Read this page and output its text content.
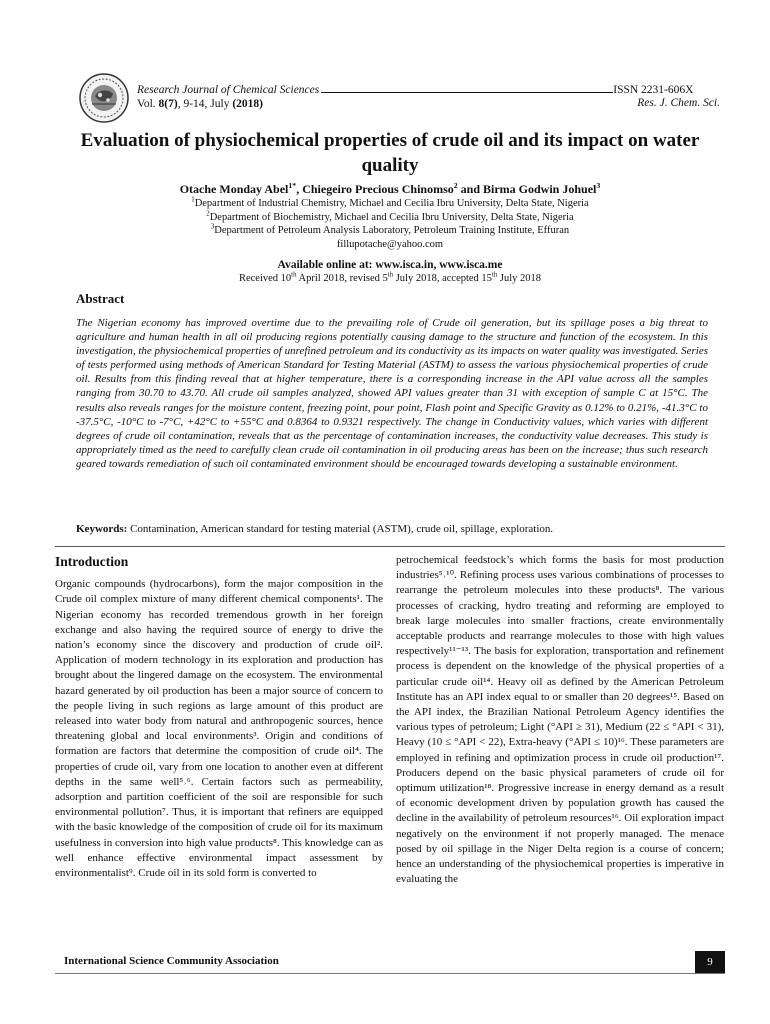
Research Journal of Chemical Sciences	ISSN 2231-606X
Vol. 8(7), 9-14, July (2018)	Res. J. Chem. Sci.
Evaluation of physiochemical properties of crude oil and its impact on water quality
Otache Monday Abel$^{1*}$, Chiegeiro Precious Chinomso$^2$ and Birma Godwin Johuel$^3$
$^1$Department of Industrial Chemistry, Michael and Cecilia Ibru University, Delta State, Nigeria
$^2$Department of Biochemistry, Michael and Cecilia Ibru University, Delta State, Nigeria
$^3$Department of Petroleum Analysis Laboratory, Petroleum Training Institute, Effuran
fillupotache@yahoo.com
Available online at: www.isca.in, www.isca.me
Received 10th April 2018, revised 5th July 2018, accepted 15th July 2018
Abstract
The Nigerian economy has improved overtime due to the prevailing role of Crude oil generation, but its spillage poses a big threat to agriculture and human health in all oil producing regions potentially causing damage to the structure and function of the ecosystem. In this investigation, the physiochemical properties of unrefined petroleum and its conductivity as its impacts on water quality was investigated. Series of tests performed using methods of American Standard for Testing Material (ASTM) to assess the various physiochemical properties of crude oil. Results from this finding reveal that at higher temperature, there is a corresponding increase in the API value across all the samples ranging from 30.70 to 43.70. All crude oil samples analyzed, showed API values greater than 31 with exception of sample C at 15°C. The results also reveals ranges for the moisture content, freezing point, pour point, Flash point and Specific Gravity as 0.12% to 0.21%, -41.3°C to -37.5°C, -10°C to -7°C, +42°C to +55°C and 0.8364 to 0.9321 respectively. The change in Conductivity values, which varies with different degrees of crude oil contamination, reveals that as the percentage of contamination increases, the conductivity value decreases. This study is appropriately timed as the need to carefully clean crude oil contamination in oil producing areas has been on the increase; thus such research geared towards remediation of such oil contaminated environment should be encouraged towards developing a sustainable environment.
Keywords: Contamination, American standard for testing material (ASTM), crude oil, spillage, exploration.
Introduction

Organic compounds (hydrocarbons), form the major composition in the Crude oil complex mixture of many different chemical components¹. The Nigerian economy has recorded tremendous growth in her foreign exchange and also having the required source of energy to drive the nation’s economy since the discovery and production of crude oil². Application of modern technology in its exploration and production has brought about the lingered damage on the ecosystem. The environmental hazard generated by oil production has been a major source of concern to the people living in such regions as large amount of this product are released into water body from natural and anthropogenic sources, hence threatening global and local environments³. Origin and conditions of formation are factors that determine the composition of crude oil⁴. The properties of crude oil, vary from one location to another even at different depths in the same well⁵˒⁶. Certain factors such as permeability, adsorption and partition coefficient of the soil are responsible for such environmental pollution⁷. Thus, it is important that refiners are equipped with the basic knowledge of the composition of crude oil for its maximum usefulness in conversion into high value products⁸. This knowledge can as well enhance effective environmental impact assessment by environmentalist⁹. Crude oil in its sold form is converted to

petrochemical feedstock’s which forms the basis for most production industries⁵˒¹⁰. Refining process uses various combinations of processes to rearrange the petroleum molecules into these products⁸. The various processes of cracking, hydro treating and reforming are employed to break large molecules into smaller fractions, create environmentally acceptable products and rearrange molecules to those with high values respectively¹¹⁻¹³. The basis for exploration, transportation and refinement process is dependent on the knowledge of the physical properties of a particular crude oil¹⁴. Heavy oil as defined by the American Petroleum Institute has an API index equal to or smaller than 20 degrees¹⁵. Based on the API index, the Brazilian National Petroleum Agency identifies the various types of petroleum; Light (°API ≥ 31), Medium (22 ≤ °API < 31), Heavy (10 ≤ °API < 22), Extra-heavy (°API ≤ 10)¹⁶. These parameters are employed in refining and optimization process in crude oil production¹⁷. Producers depend on the basic physical parameters of crude oil for optimum utilization¹⁸. Progressive increase in energy demand as a result of economic development driven by population growth has caused the decline in the availability of petroleum resources¹⁶. Oil exploration impact negatively on the environment if not properly managed. The menace posed by oil spillage in the Niger Delta region is a course of concern; hence an understanding of the physiochemical properties is imperative in evaluating the

International Science Community Association	9
